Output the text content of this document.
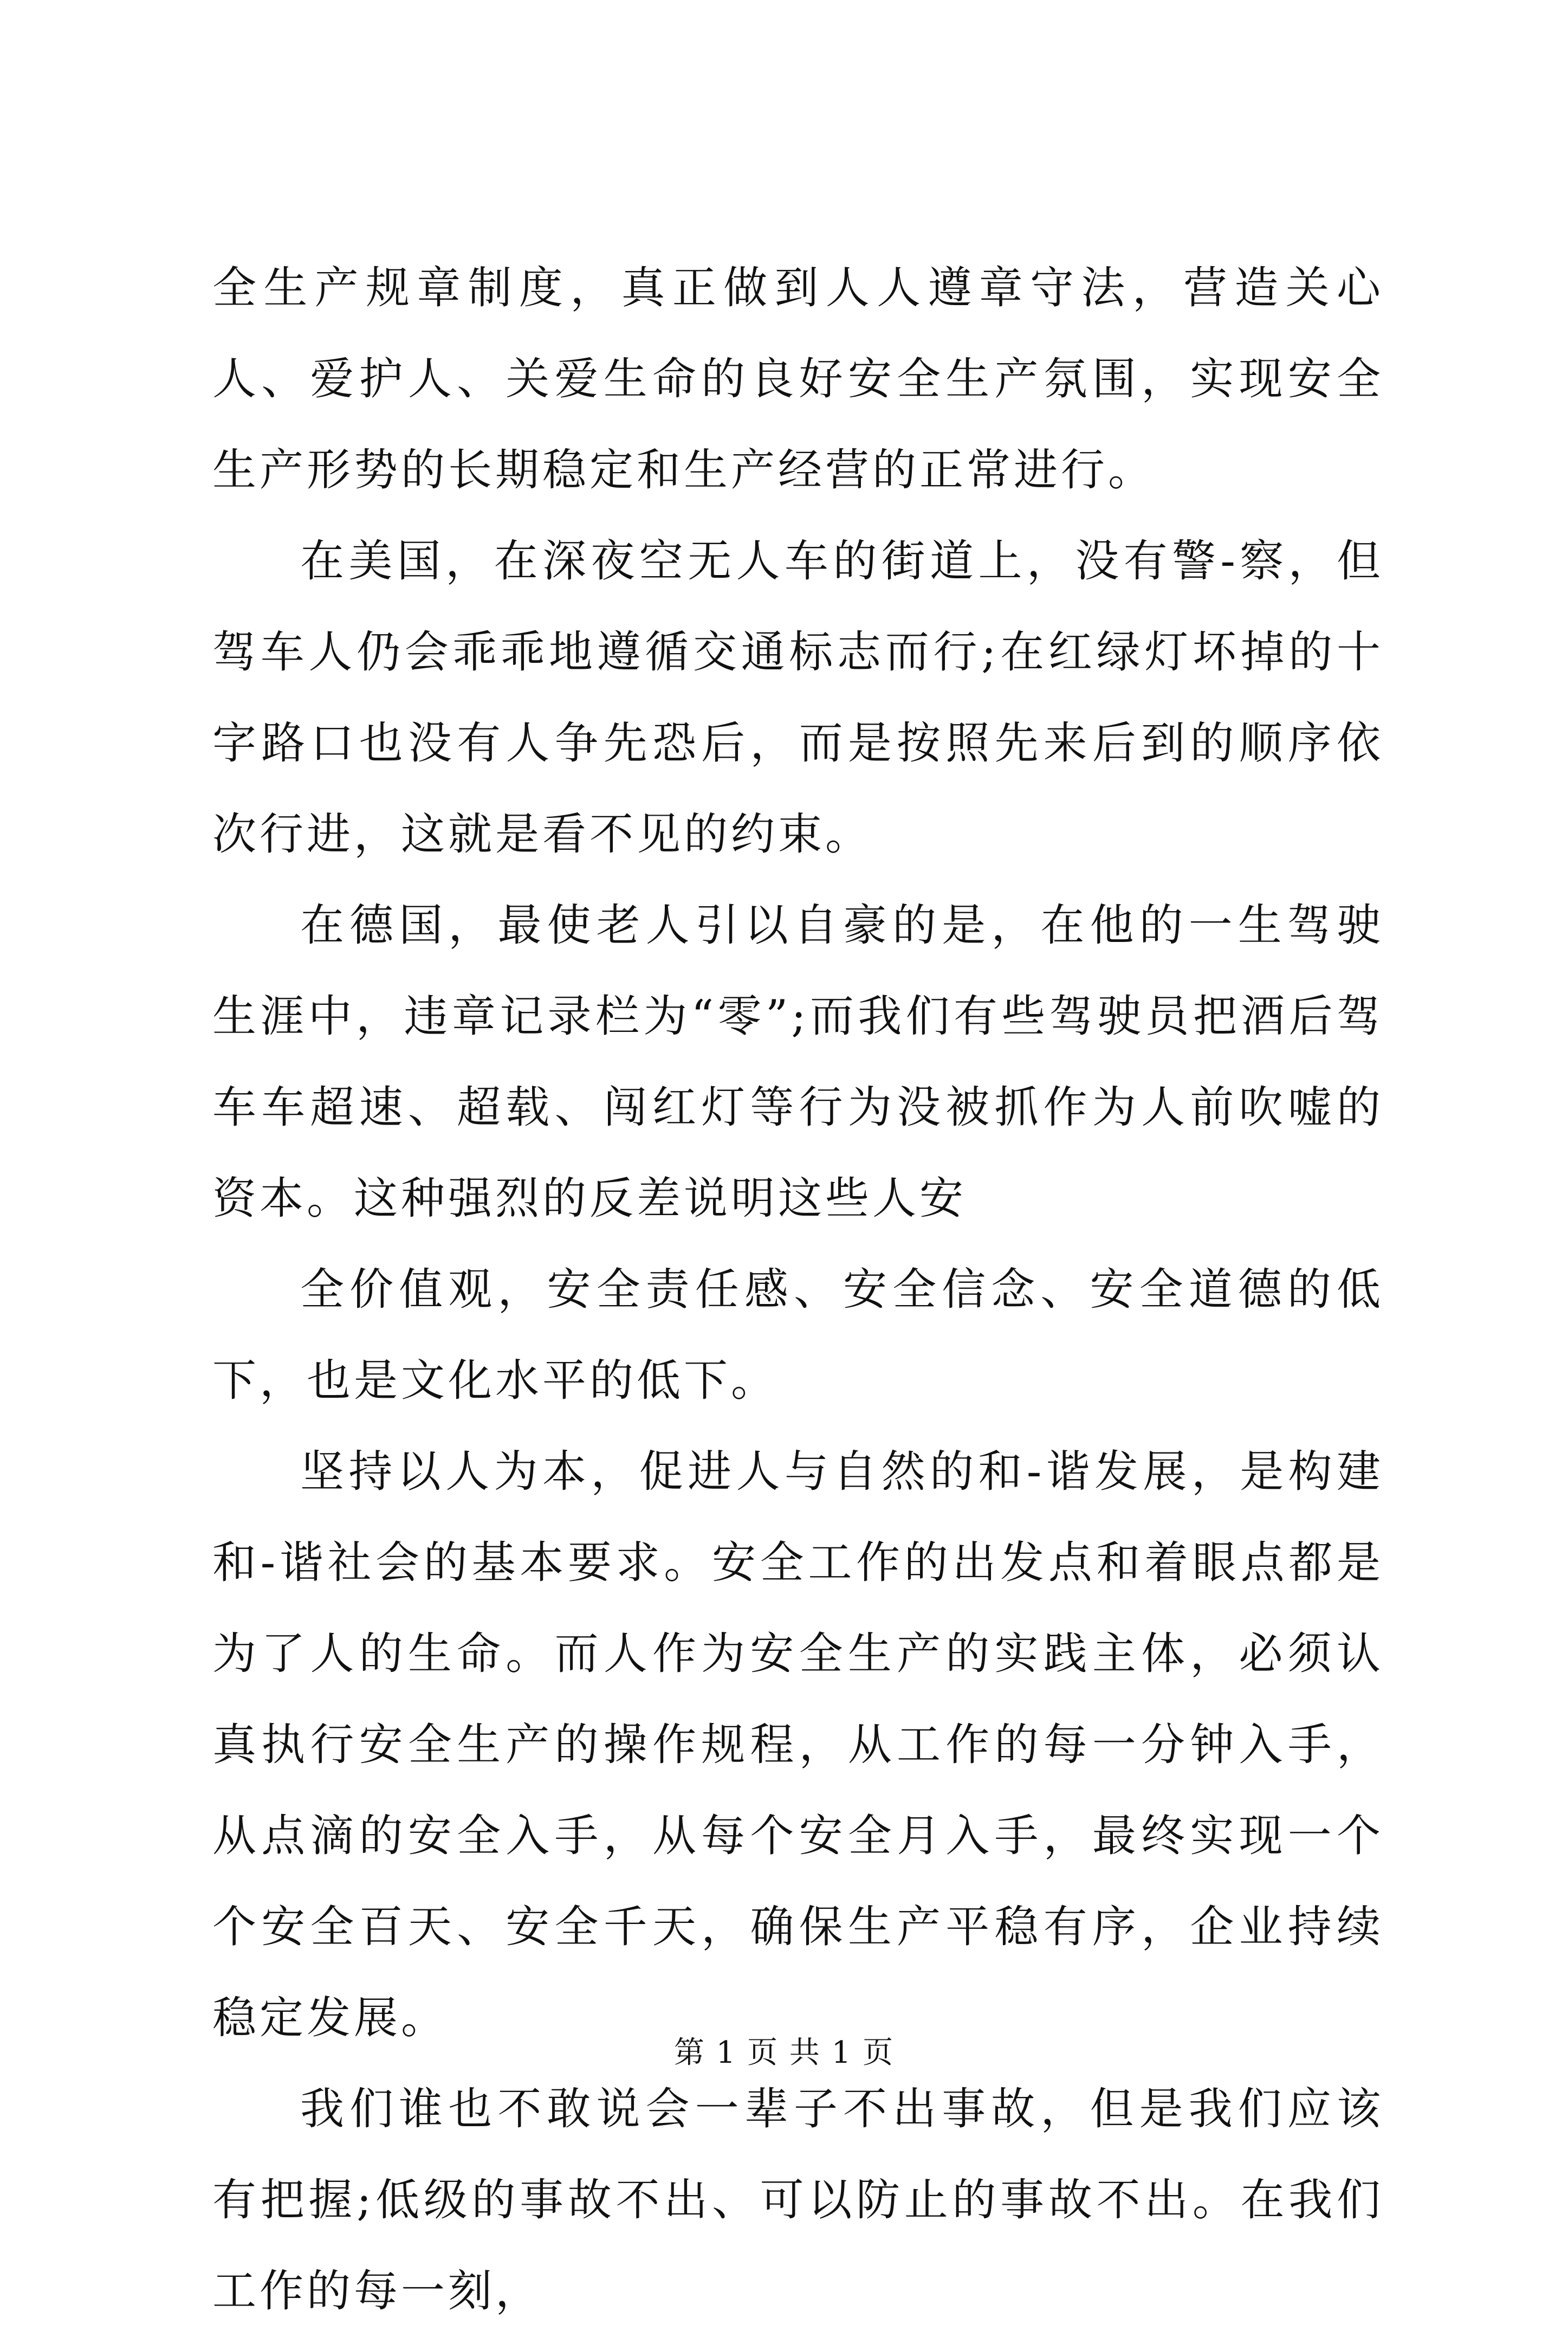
全生产规章制度，真正做到人人遵章守法，营造关心人、爱护人、关爱生命的良好安全生产氛围，实现安全生产形势的长期稳定和生产经营的正常进行。

在美国，在深夜空无人车的街道上，没有警-察，但驾车人仍会乖乖地遵循交通标志而行;在红绿灯坏掉的十字路口也没有人争先恐后，而是按照先来后到的顺序依次行进，这就是看不见的约束。

在德国，最使老人引以自豪的是，在他的一生驾驶生涯中，违章记录栏为“零”;而我们有些驾驶员把酒后驾车车超速、超载、闯红灯等行为没被抓作为人前吹嘘的资本。这种强烈的反差说明这些人安

全价值观，安全责任感、安全信念、安全道德的低下，也是文化水平的低下。

坚持以人为本，促进人与自然的和-谐发展，是构建和-谐社会的基本要求。安全工作的出发点和着眼点都是为了人的生命。而人作为安全生产的实践主体，必须认真执行安全生产的操作规程，从工作的每一分钟入手，从点滴的安全入手，从每个安全月入手，最终实现一个个安全百天、安全千天，确保生产平稳有序，企业持续稳定发展。

我们谁也不敢说会一辈子不出事故，但是我们应该有把握;低级的事故不出、可以防止的事故不出。在我们工作的每一刻，

第 1 页 共 1 页
